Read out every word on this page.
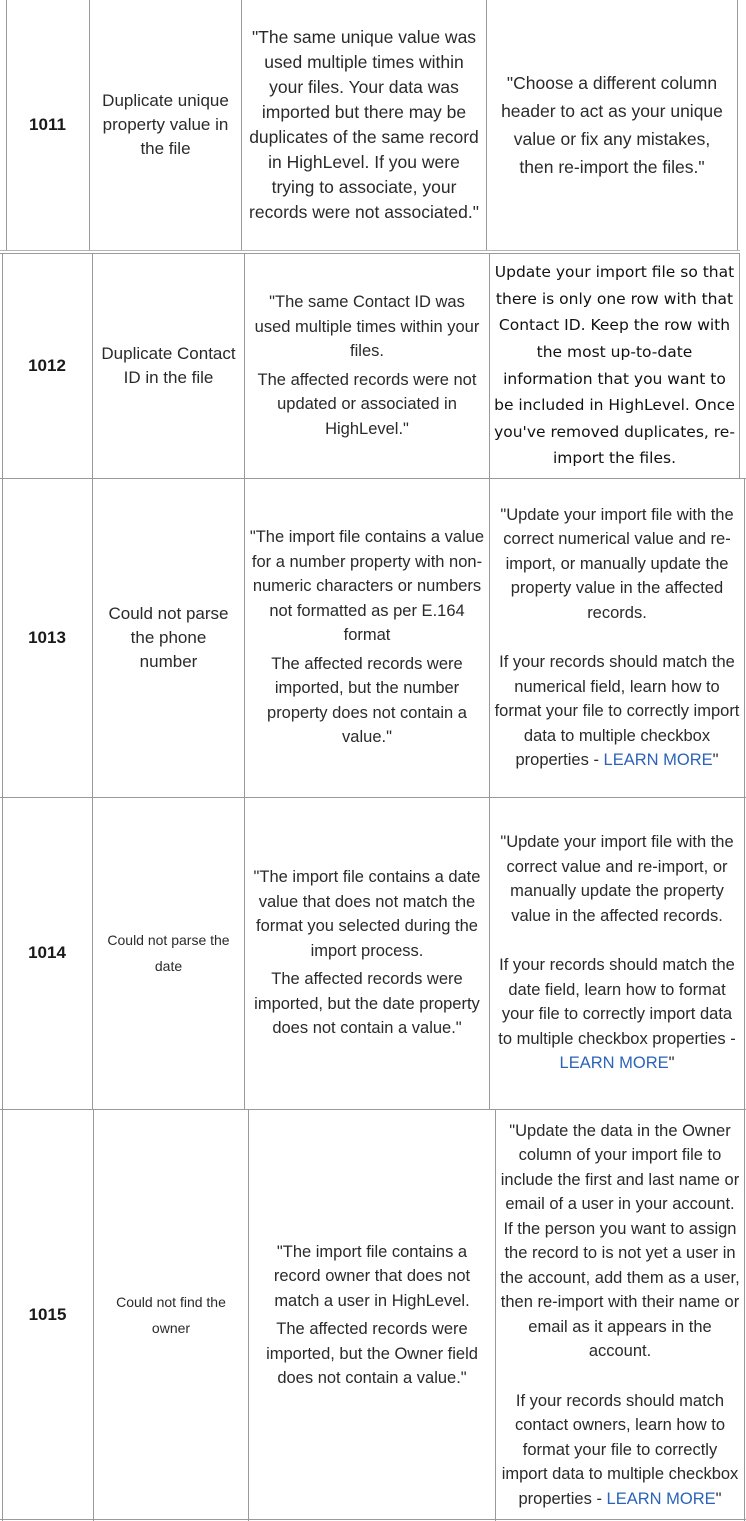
1011
Duplicate unique property value in the file
"The same unique value was used multiple times within your files. Your data was imported but there may be duplicates of the same record in HighLevel. If you were trying to associate, your records were not associated."
"Choose a different column header to act as your unique value or fix any mistakes, then re-import the files."
1012
Duplicate Contact ID in the file

"The same Contact ID was used multiple times within your files.

The affected records were not updated or associated in HighLevel."

Update your import file so that there is only one row with that Contact ID. Keep the row with the most up-to-date information that you want to be included in HighLevel. Once you've removed duplicates, re-import the files.
1013
Could not parse the phone number

"The import file contains a value for a number property with non-numeric characters or numbers not formatted as per E.164 format

The affected records were imported, but the number property does not contain a value."

"Update your import file with the correct numerical value and re-import, or manually update the property value in the affected records.

If your records should match the numerical field, learn how to format your file to correctly import data to multiple checkbox properties - LEARN MORE"

1014
Could not parse the date

"The import file contains a date value that does not match the format you selected during the import process.

The affected records were imported, but the date property does not contain a value."

"Update your import file with the correct value and re-import, or manually update the property value in the affected records.

If your records should match the date field, learn how to format your file to correctly import data to multiple checkbox properties - LEARN MORE"

1015
Could not find the owner

"The import file contains a record owner that does not match a user in HighLevel.

The affected records were imported, but the Owner field does not contain a value."

"Update the data in the Owner column of your import file to include the first and last name or email of a user in your account. If the person you want to assign the record to is not yet a user in the account, add them as a user, then re-import with their name or email as it appears in the account.

If your records should match contact owners, learn how to format your file to correctly import data to multiple checkbox properties - LEARN MORE"
